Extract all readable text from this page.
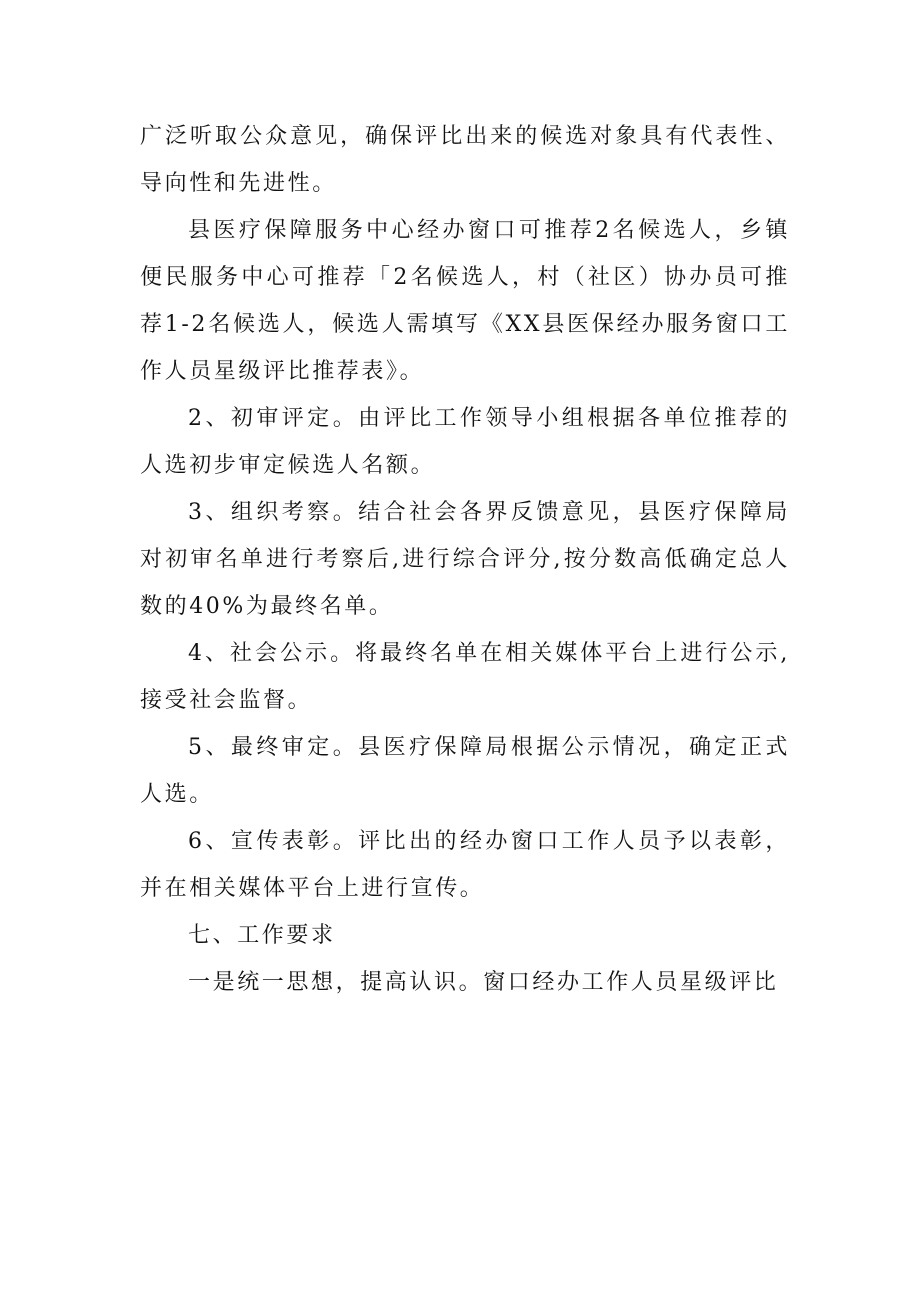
广泛听取公众意见，确保评比出来的候选对象具有代表性、导向性和先进性。

县医疗保障服务中心经办窗口可推荐2名候选人，乡镇便民服务中心可推荐「2名候选人，村（社区）协办员可推荐1-2名候选人，候选人需填写《XX县医保经办服务窗口工作人员星级评比推荐表》。

2、初审评定。由评比工作领导小组根据各单位推荐的人选初步审定候选人名额。

3、组织考察。结合社会各界反馈意见，县医疗保障局对初审名单进行考察后,进行综合评分,按分数高低确定总人数的40%为最终名单。

4、社会公示。将最终名单在相关媒体平台上进行公示,接受社会监督。

5、最终审定。县医疗保障局根据公示情况，确定正式人选。

6、宣传表彰。评比出的经办窗口工作人员予以表彰，并在相关媒体平台上进行宣传。

七、工作要求

一是统一思想，提高认识。窗口经办工作人员星级评比
